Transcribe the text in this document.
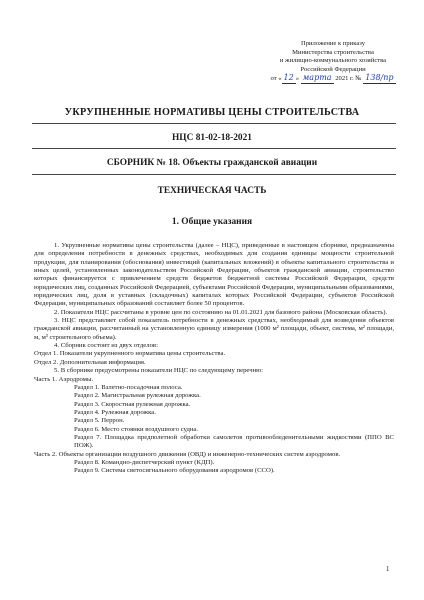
Приложение к приказу
Министерства строительства
и жилищно-коммунального хозяйства
Российской Федерации
от « 12 » марта 2021 г. № 138/пр
УКРУПНЕННЫЕ НОРМАТИВЫ ЦЕНЫ СТРОИТЕЛЬСТВА
НЦС 81-02-18-2021
СБОРНИК № 18. Объекты гражданской авиации
ТЕХНИЧЕСКАЯ ЧАСТЬ
1. Общие указания

1. Укрупненные нормативы цены строительства (далее – НЦС), приведенные в настоящем сборнике, предназначены для определения потребности в денежных средствах, необходимых для создания единицы мощности строительной продукции, для планирования (обоснования) инвестиций (капитальных вложений) в объекты капитального строительства и иных целей, установленных законодательством Российской Федерации, объектов гражданской авиации, строительство которых финансируется с привлечением средств бюджетов бюджетной системы Российской Федерации, средств юридических лиц, созданных Российской Федерацией, субъектами Российской Федерации, муниципальными образованиями, юридических лиц, доля в уставных (складочных) капиталах которых Российской Федерации, субъектов Российской Федерации, муниципальных образований составляет более 50 процентов.

2. Показатели НЦС рассчитаны в уровне цен по состоянию на 01.01.2021 для базового района (Московская область).

3. НЦС представляет собой показатель потребности в денежных средствах, необходимый для возведения объектов гражданской авиации, рассчитанный на установленную единицу измерения (1000 м² площади, объект, система, м² площади, м, м³ строительного объема).

4. Сборник состоит из двух отделов:

Отдел 1. Показатели укрупненного норматива цены строительства.

Отдел 2. Дополнительная информация.

5. В сборнике предусмотрены показатели НЦС по следующему перечню:

Часть 1. Аэродромы.

Раздел 1. Взлетно-посадочная полоса.

Раздел 2. Магистральная рулежная дорожка.

Раздел 3. Скоростная рулежная дорожка.

Раздел 4. Рулежная дорожка.

Раздел 5. Перрон.

Раздел 6. Место стоянки воздушного судна.

Раздел 7. Площадка предполетной обработки самолетов противообледенительными жидкостями (ППО ВС ПОЖ).

Часть 2. Объекты организации воздушного движения (ОВД) и инженерно-технических систем аэродромов.

Раздел 8. Командно-диспетчерский пункт (КДП).

Раздел 9. Система светосигнального оборудования аэродромов (ССО).

1
